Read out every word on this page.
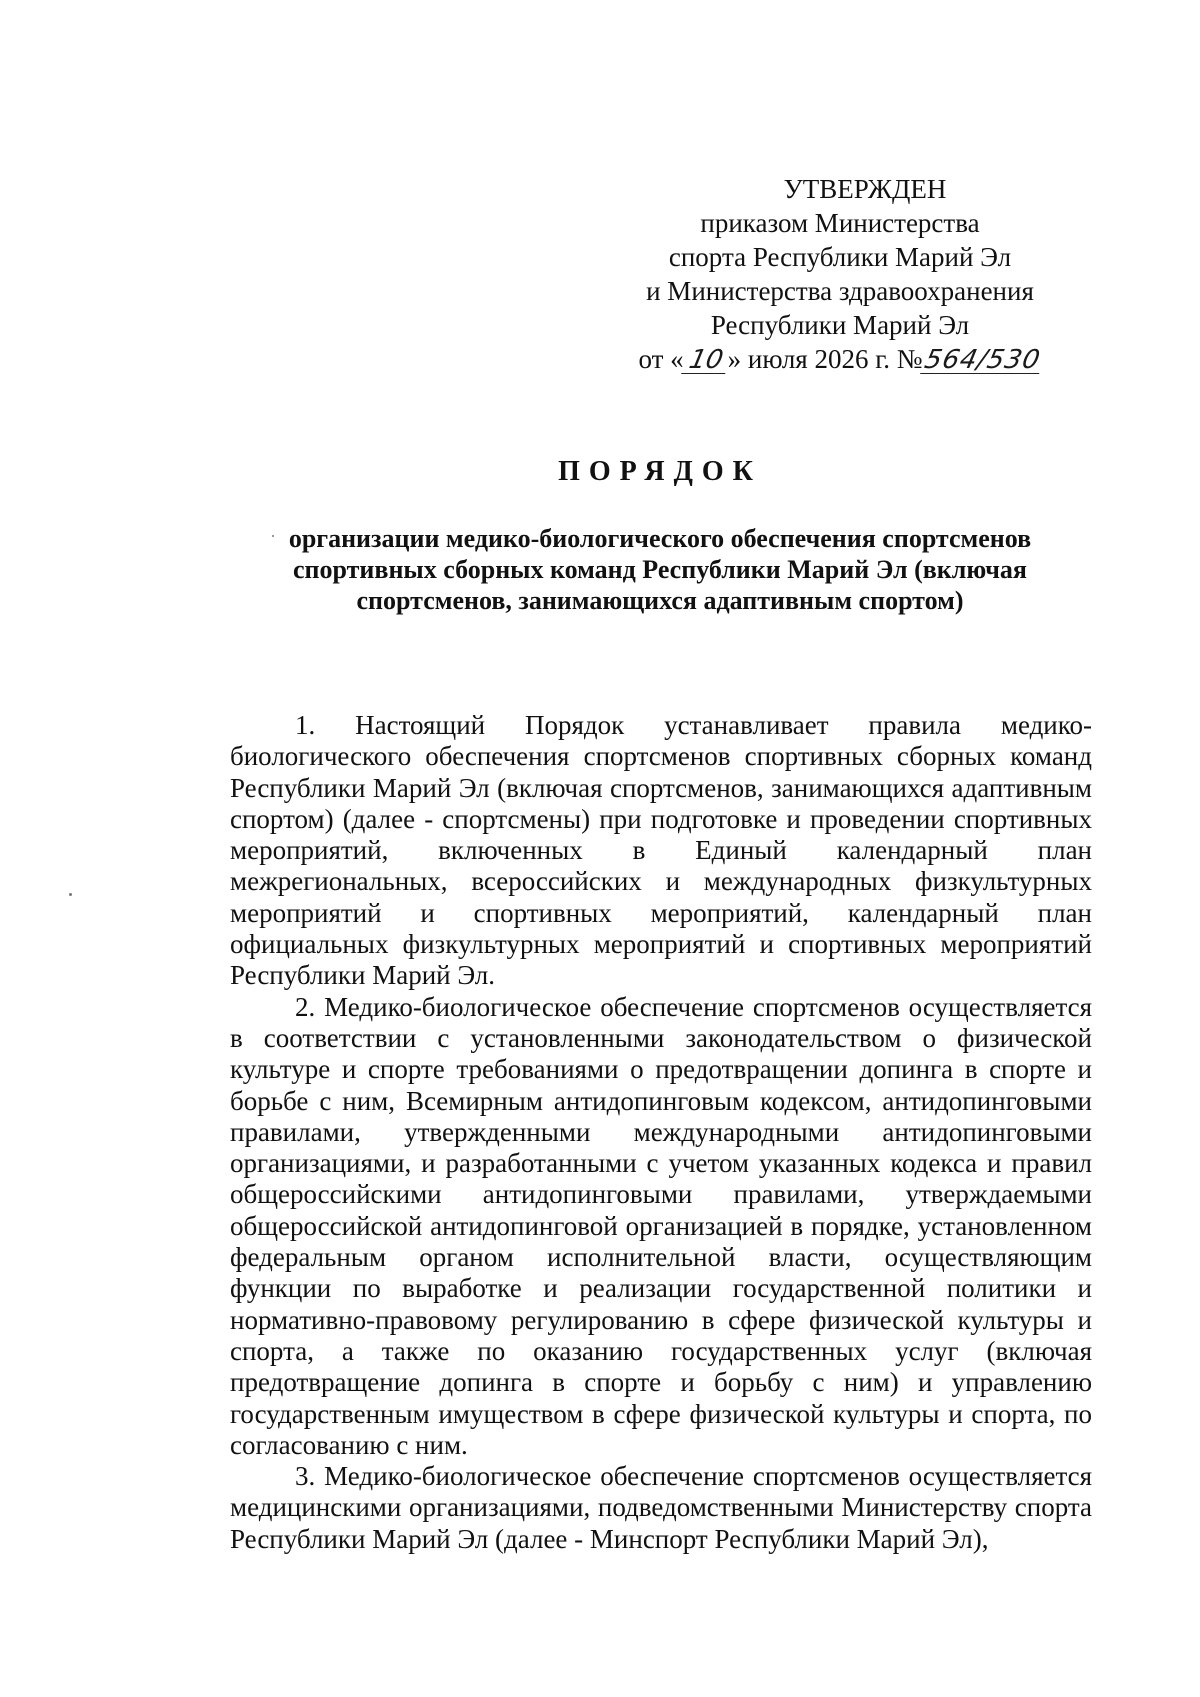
УТВЕРЖДЕН
приказом Министерства
спорта Республики Марий Эл
и Министерства здравоохранения
Республики Марий Эл
от «10» июля 2026 г. №564/530
ПОРЯДОК
организации медико-биологического обеспечения спортсменов
спортивных сборных команд Республики Марий Эл (включая
спортсменов, занимающихся адаптивным спортом)

1. Настоящий Порядок устанавливает правила медико-биологического обеспечения спортсменов спортивных сборных команд Республики Марий Эл (включая спортсменов, занимающихся адаптивным спортом) (далее - спортсмены) при подготовке и проведении спортивных мероприятий, включенных в Единый календарный план межрегиональных, всероссийских и международных физкультурных мероприятий и спортивных мероприятий, календарный план официальных физкультурных мероприятий и спортивных мероприятий Республики Марий Эл.

2. Медико-биологическое обеспечение спортсменов осуществляется в соответствии с установленными законодательством о физической культуре и спорте требованиями о предотвращении допинга в спорте и борьбе с ним, Всемирным антидопинговым кодексом, антидопинговыми правилами, утвержденными международными антидопинговыми организациями, и разработанными с учетом указанных кодекса и правил общероссийскими антидопинговыми правилами, утверждаемыми общероссийской антидопинговой организацией в порядке, установленном федеральным органом исполнительной власти, осуществляющим функции по выработке и реализации государственной политики и нормативно-правовому регулированию в сфере физической культуры и спорта, а также по оказанию государственных услуг (включая предотвращение допинга в спорте и борьбу с ним) и управлению государственным имуществом в сфере физической культуры и спорта, по согласованию с ним.

3. Медико-биологическое обеспечение спортсменов осуществляется медицинскими организациями, подведомственными Министерству спорта Республики Марий Эл (далее - Минспорт Республики Марий Эл),
